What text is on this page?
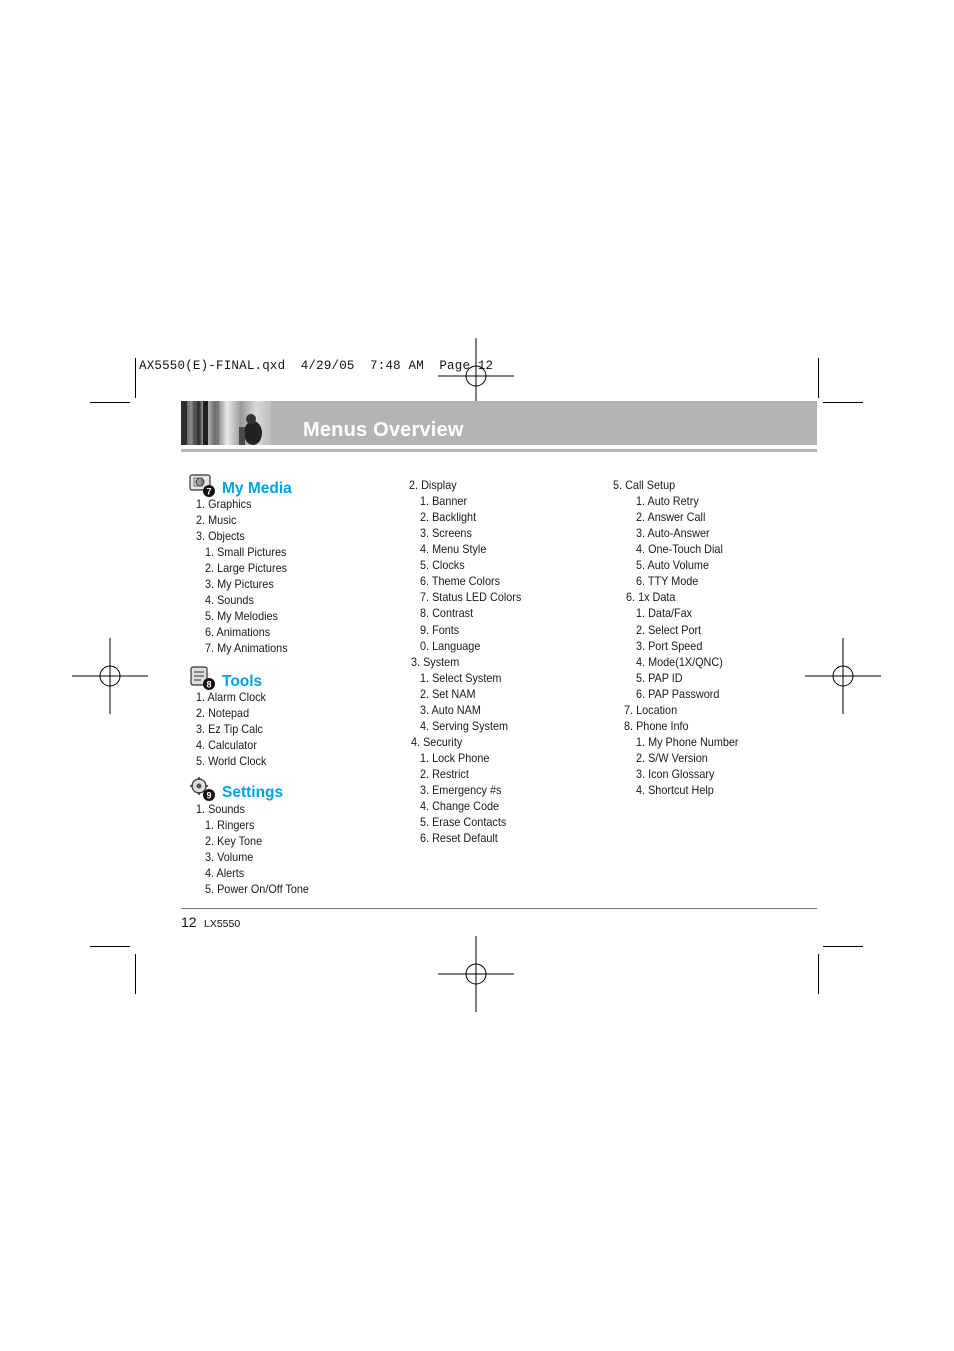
AX5550(E)-FINAL.qxd  4/29/05  7:48 AM  Page 12
Menus Overview
7 My Media
8 Tools
9 Settings
1. Graphics
2. Music
3. Objects
1. Small Pictures
2. Large Pictures
3. My Pictures
4. Sounds
5. My Melodies
6. Animations
7. My Animations
1. Alarm Clock
2. Notepad
3. Ez Tip Calc
4. Calculator
5. World Clock
1. Sounds
1. Ringers
2. Key Tone
3. Volume
4. Alerts
5. Power On/Off Tone
2. Display
1. Banner
2. Backlight
3. Screens
4. Menu Style
5. Clocks
6. Theme Colors
7. Status LED Colors
8. Contrast
9. Fonts
0. Language
3. System
1. Select System
2. Set NAM
3. Auto NAM
4. Serving System
4. Security
1. Lock Phone
2. Restrict
3. Emergency #s
4. Change Code
5. Erase Contacts
6. Reset Default
5. Call Setup
1. Auto Retry
2. Answer Call
3. Auto-Answer
4. One-Touch Dial
5. Auto Volume
6. TTY Mode
6. 1x Data
1. Data/Fax
2. Select Port
3. Port Speed
4. Mode(1X/QNC)
5. PAP ID
6. PAP Password
7. Location
8. Phone Info
1. My Phone Number
2. S/W Version
3. Icon Glossary
4. Shortcut Help
12 LX5550
